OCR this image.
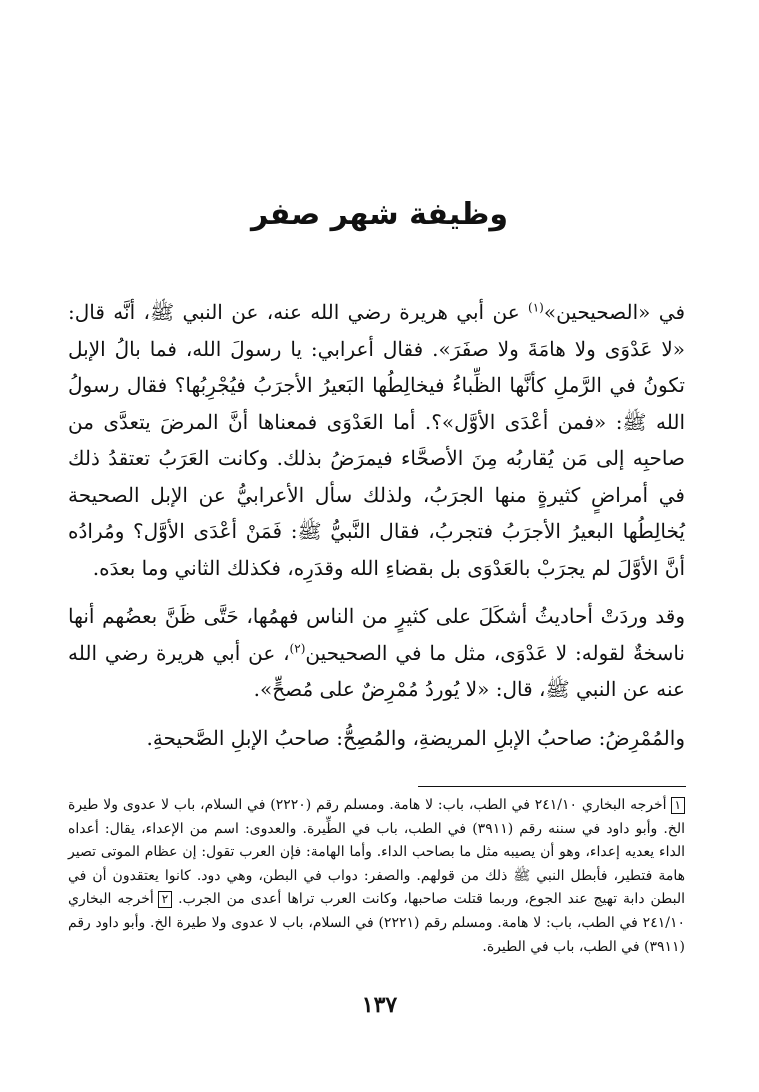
وظيفة شهر صفر

في «الصحيحين»$^{(١)}$ عن أبي هريرة رضي الله عنه، عن النبي ﷺ، أنَّه قال: «لا عَدْوَى ولا هامَةَ ولا صفَرَ». فقال أعرابي: يا رسولَ الله، فما بالُ الإبل تكونُ في الرَّملِ كأنَّها الظِّباءُ فيخالِطُها البَعيرُ الأجرَبُ فيُجْرِبُها؟ فقال رسولُ الله ﷺ: «فمن أعْدَى الأوَّل»؟. أما العَدْوَى فمعناها أنَّ المرضَ يتعدَّى من صاحبِه إلى مَن يُقاربُه مِنَ الأصحَّاء فيمرَضُ بذلك. وكانت العَرَبُ تعتقدُ ذلك في أمراضٍ كثيرةٍ منها الجرَبُ، ولذلك سأل الأعرابيُّ عن الإبل الصحيحة يُخالِطُها البعيرُ الأجرَبُ فتجربُ، فقال النَّبيُّ ﷺ: فَمَنْ أعْدَى الأوَّل؟ ومُرادُه أنَّ الأوَّلَ لم يجرَبْ بالعَدْوَى بل بقضاءِ الله وقدَرِه، فكذلك الثاني وما بعدَه.

وقد وردَتْ أحاديثُ أشكَلَ على كثيرٍ من الناس فهمُها، حَتَّى ظَنَّ بعضُهم أنها ناسخةٌ لقوله: لا عَدْوَى، مثل ما في الصحيحين$^{(٢)}$، عن أبي هريرة رضي الله عنه عن النبي ﷺ، قال: «لا يُوردُ مُمْرِضٌ على مُصحٍّ».

والمُمْرِضُ: صاحبُ الإبلِ المريضةِ، والمُصِحُّ: صاحبُ الإبلِ الصَّحيحةِ.

١أخرجه البخاري ٢٤١/١٠ في الطب، باب: لا هامة. ومسلم رقم (٢٢٢٠) في السلام، باب لا عدوى ولا طيرة الخ. وأبو داود في سننه رقم (٣٩١١) في الطب، باب في الطِّيرة. والعدوى: اسم من الإعداء، يقال: أعداه الداء يعديه إعداء، وهو أن يصيبه مثل ما بصاحب الداء. وأما الهامة: فإن العرب تقول: إن عظام الموتى تصير هامة فتطير، فأبطل النبي ﷺ ذلك من قولهم. والصفر: دواب في البطن، وهي دود. كانوا يعتقدون أن في البطن دابة تهيج عند الجوع، وربما قتلت صاحبها، وكانت العرب تراها أعدى من الجرب. ٢أخرجه البخاري ٢٤١/١٠ في الطب، باب: لا هامة. ومسلم رقم (٢٢٢١) في السلام، باب لا عدوى ولا طيرة الخ. وأبو داود رقم (٣٩١١) في الطب، باب في الطيرة.

١٣٧
